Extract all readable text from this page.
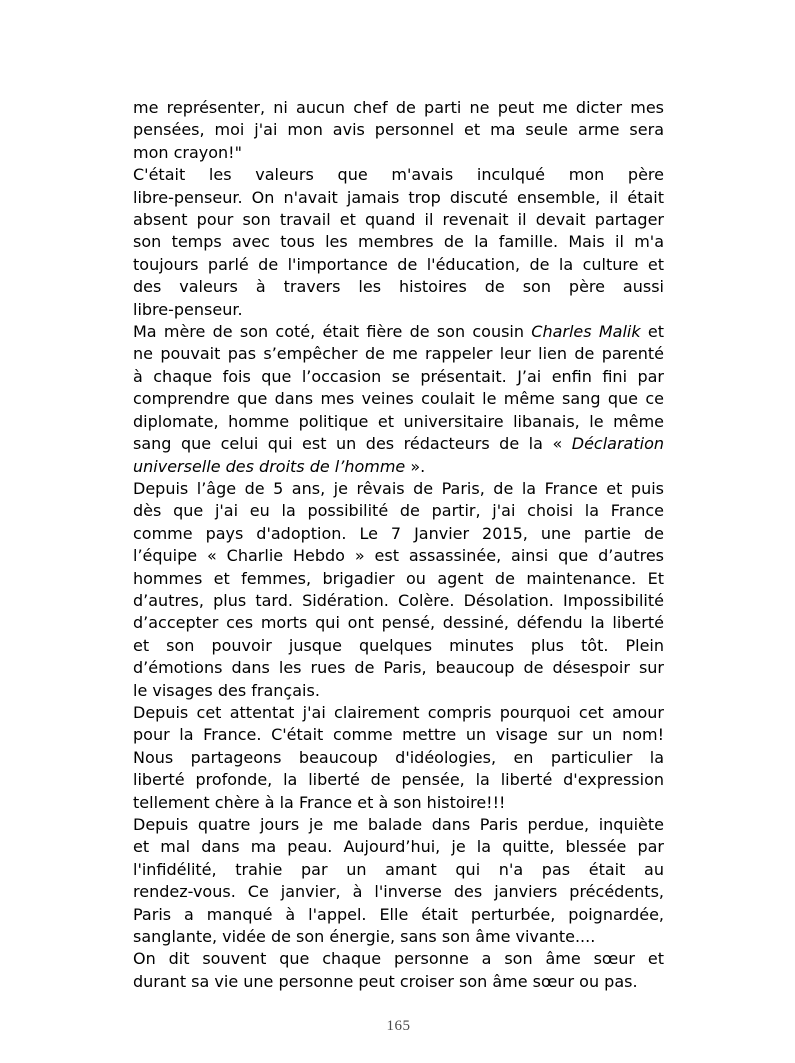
me représenter, ni aucun chef de parti ne peut me dicter mes
pensées, moi j'ai mon avis personnel et ma seule arme sera
mon crayon!"
C'était les valeurs que m'avais inculqué mon père
libre-penseur. On n'avait jamais trop discuté ensemble, il était
absent pour son travail et quand il revenait il devait partager
son temps avec tous les membres de la famille. Mais il m'a
toujours parlé de l'importance de l'éducation, de la culture et
des valeurs à travers les histoires de son père aussi
libre-penseur.
Ma mère de son coté, était fière de son cousin Charles Malik et
ne pouvait pas s’empêcher de me rappeler leur lien de parenté
à chaque fois que l’occasion se présentait. J’ai enfin fini par
comprendre que dans mes veines coulait le même sang que ce
diplomate, homme politique et universitaire libanais, le même
sang que celui qui est un des rédacteurs de la « Déclaration
universelle des droits de l’homme ».
Depuis l’âge de 5 ans, je rêvais de Paris, de la France et puis
dès que j'ai eu la possibilité de partir, j'ai choisi la France
comme pays d'adoption. Le 7 Janvier 2015, une partie de
l’équipe « Charlie Hebdo » est assassinée, ainsi que d’autres
hommes et femmes, brigadier ou agent de maintenance. Et
d’autres, plus tard. Sidération. Colère. Désolation. Impossibilité
d’accepter ces morts qui ont pensé, dessiné, défendu la liberté
et son pouvoir jusque quelques minutes plus tôt. Plein
d’émotions dans les rues de Paris, beaucoup de désespoir sur
le visages des français.
Depuis cet attentat j'ai clairement compris pourquoi cet amour
pour la France. C'était comme mettre un visage sur un nom!
Nous partageons beaucoup d'idéologies, en particulier la
liberté profonde, la liberté de pensée, la liberté d'expression
tellement chère à la France et à son histoire!!!
Depuis quatre jours je me balade dans Paris perdue, inquiète
et mal dans ma peau. Aujourd’hui, je la quitte, blessée par
l'infidélité, trahie par un amant qui n'a pas était au
rendez-vous. Ce janvier, à l'inverse des janviers précédents,
Paris a manqué à l'appel. Elle était perturbée, poignardée,
sanglante, vidée de son énergie, sans son âme vivante....
On dit souvent que chaque personne a son âme sœur et
durant sa vie une personne peut croiser son âme sœur ou pas.
165
